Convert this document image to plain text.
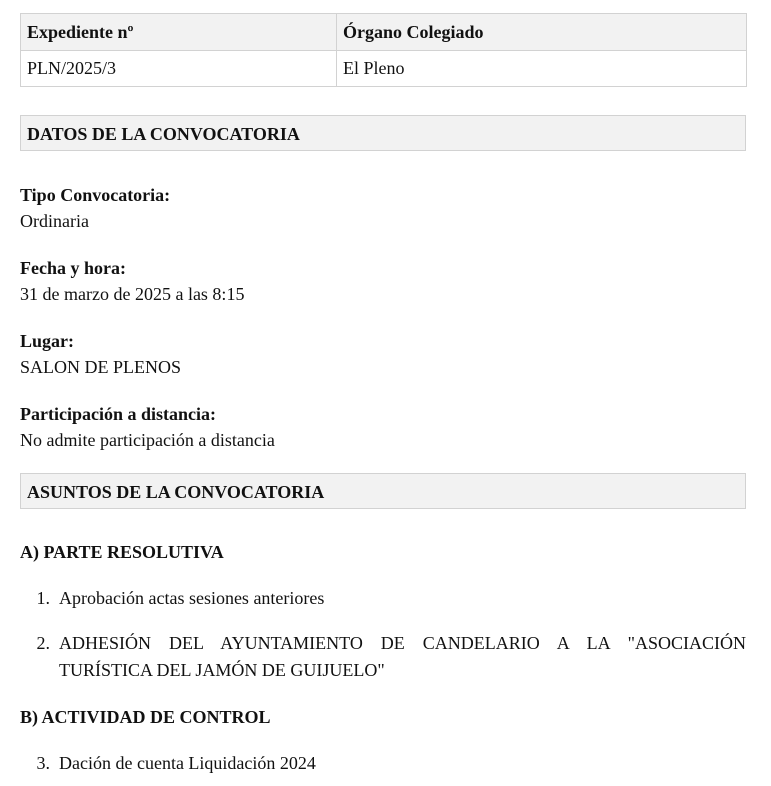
Expediente nº	Órgano Colegiado
PLN/2025/3	El Pleno
DATOS DE LA CONVOCATORIA
Tipo Convocatoria:
Ordinaria
Fecha y hora:
31 de marzo de 2025 a las 8:15
Lugar:
SALON DE PLENOS
Participación a distancia:
No admite participación a distancia
ASUNTOS DE LA CONVOCATORIA
A) PARTE RESOLUTIVA
1. Aprobación actas sesiones anteriores
2. ADHESIÓN DEL AYUNTAMIENTO DE CANDELARIO A LA "ASOCIACIÓN TURÍSTICA DEL JAMÓN DE GUIJUELO"
B) ACTIVIDAD DE CONTROL
3. Dación de cuenta Liquidación 2024
